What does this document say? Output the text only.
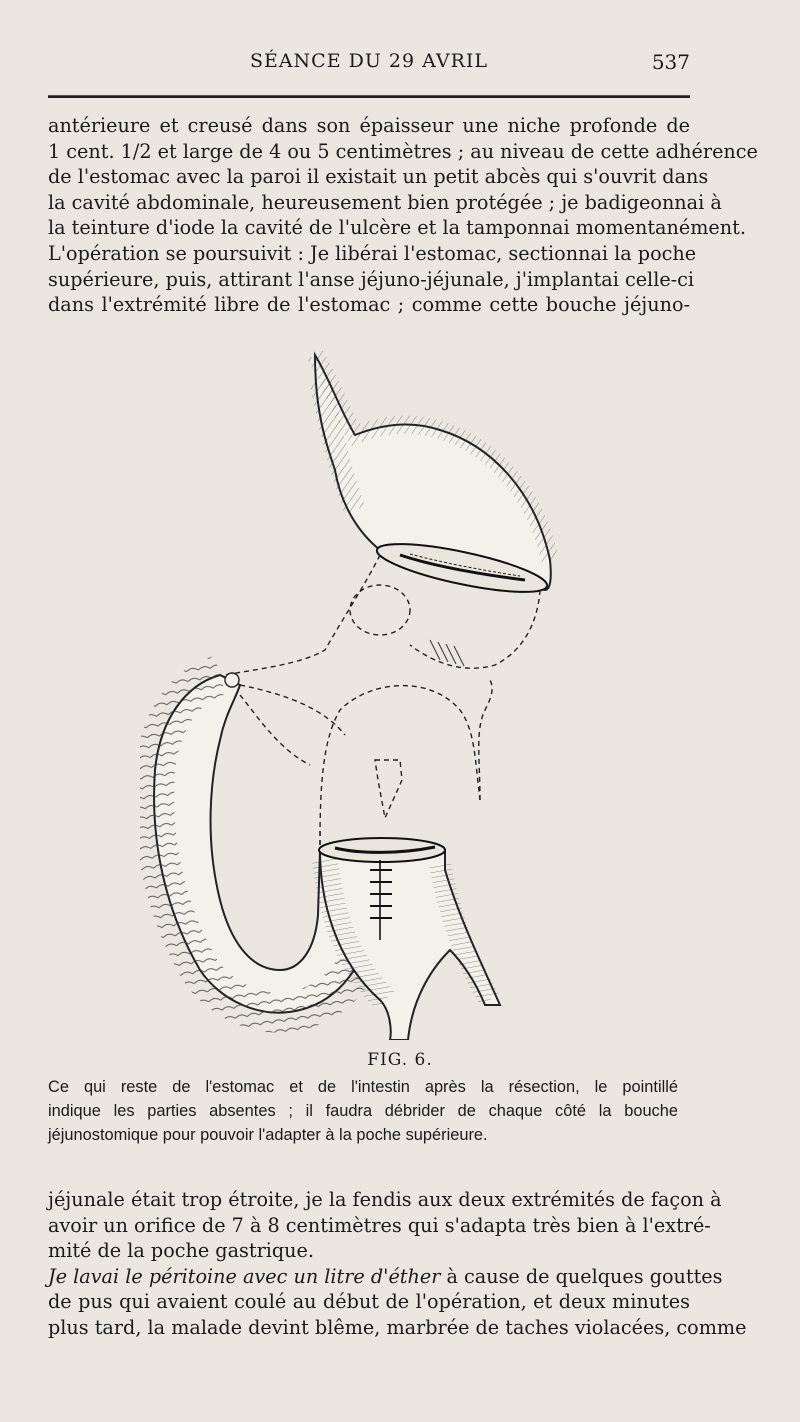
SÉANCE DU 29 AVRIL	537
antérieure et creusé dans son épaisseur une niche profonde de
1 cent. 1/2 et large de 4 ou 5 centimètres ; au niveau de cette adhérence
de l'estomac avec la paroi il existait un petit abcès qui s'ouvrit dans
la cavité abdominale, heureusement bien protégée ; je badigeonnai à
la teinture d'iode la cavité de l'ulcère et la tamponnai momentanément.
L'opération se poursuivit : Je libérai l'estomac, sectionnai la poche
supérieure, puis, attirant l'anse jéjuno-jéjunale, j'implantai celle-ci
dans l'extrémité libre de l'estomac ; comme cette bouche jéjuno-
FIG. 6.
Ce qui reste de l'estomac et de l'intestin après la résection, le pointillé
indique les parties absentes ; il faudra débrider de chaque côté la bouche
jéjunostomique pour pouvoir l'adapter à la poche supérieure.
jéjunale était trop étroite, je la fendis aux deux extrémités de façon à
avoir un orifice de 7 à 8 centimètres qui s'adapta très bien à l'extré-
mité de la poche gastrique.
Je lavai le péritoine avec un litre d'éther à cause de quelques gouttes
de pus qui avaient coulé au début de l'opération, et deux minutes
plus tard, la malade devint blême, marbrée de taches violacées, comme
